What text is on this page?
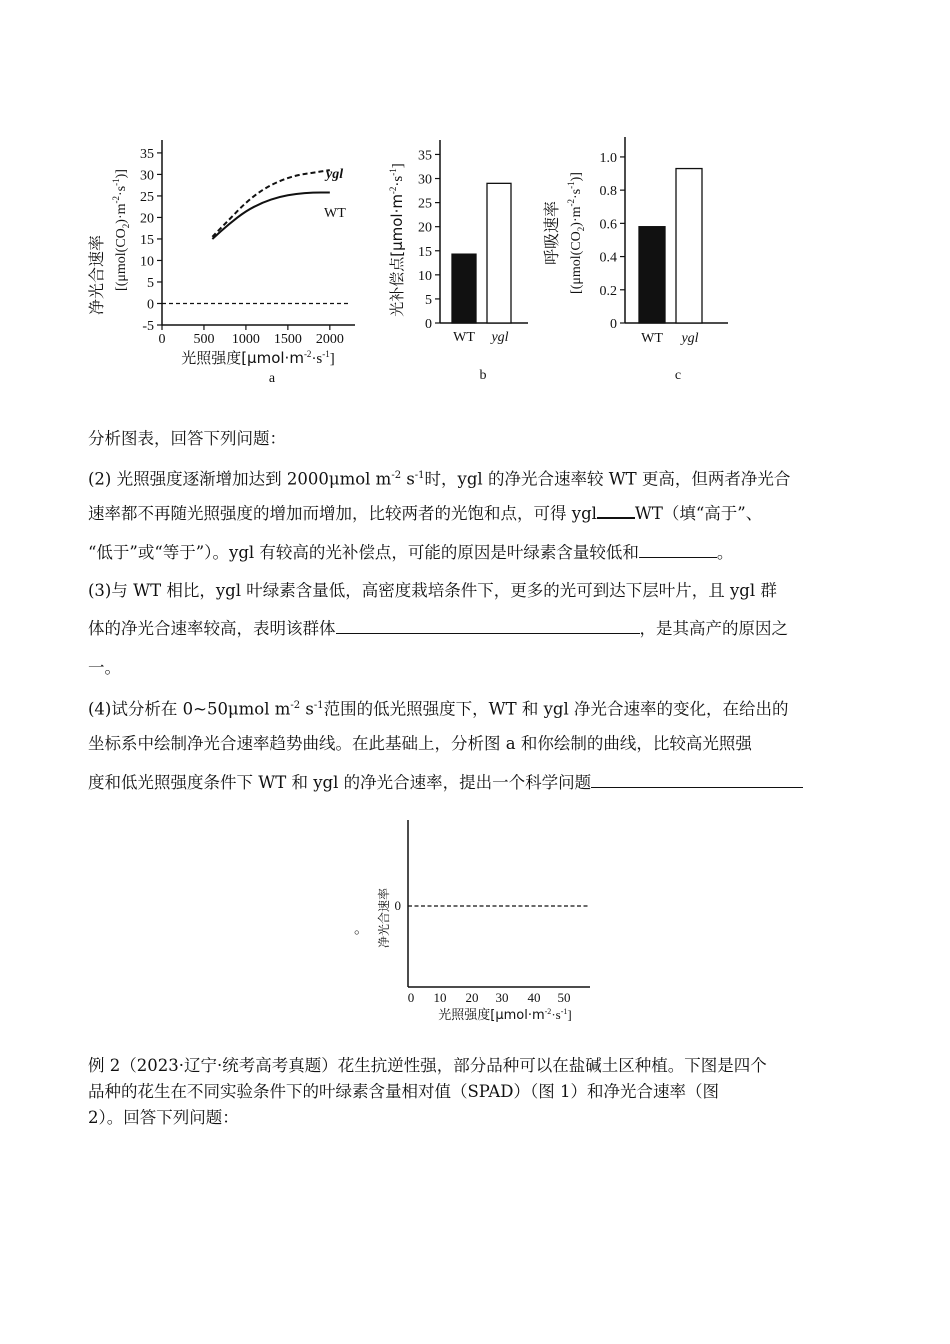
净光合速率 $[(\mu mol(CO_2)\cdot m^{-2}\cdot s^{-1})]$
-5
0
5
10
15
20
25
30
35
0 500 1000 1500 2000
ygl
WT
光照强度$[\mu mol\cdot m^{-2}\cdot s^{-1}]$
a
光补偿点$[\mu mol\cdot m^{-2}\cdot s^{-1}]$
0
5
10
15
20
25
30
35
WT ygl
b
呼吸速率 $[(\mu mol(CO_2)\cdot m^{-2}\cdot s^{-1})]$
0
0.2
0.4
0.6
0.8
1.0
WT ygl
c
分析图表，回答下列问题：
(2) 光照强度逐渐增加达到 2000μmol $m^{-2}$ $s^{-1}$时，ygl 的净光合速率较 WT 更高，但两者净光合
速率都不再随光照强度的增加而增加，比较两者的光饱和点，可得 ygl WT（填“高于”、
“低于”或“等于”）。ygl 有较高的光补偿点，可能的原因是叶绿素含量较低和	。
(3)与 WT 相比，ygl 叶绿素含量低，高密度栽培条件下，更多的光可到达下层叶片，且 ygl 群
体的净光合速率较高，表明该群体	，是其高产的原因之
一。
(4)试分析在 0~50μmol $m^{-2}$ $s^{-1}$范围的低光照强度下，WT 和 ygl 净光合速率的变化，在给出的
坐标系中绘制净光合速率趋势曲线。在此基础上，分析图 a 和你绘制的曲线，比较高光照强
度和低光照强度条件下 WT 和 ygl 的净光合速率，提出一个科学问题
。 净光合速率 0
0 10 20 30 40 50
光照强度$[\mu mol\cdot m^{-2}\cdot s^{-1}]$
例 2（2023·辽宁·统考高考真题）花生抗逆性强，部分品种可以在盐碱土区种植。下图是四个
品种的花生在不同实验条件下的叶绿素含量相对值（SPAD）（图 1）和净光合速率（图
2）。回答下列问题：
